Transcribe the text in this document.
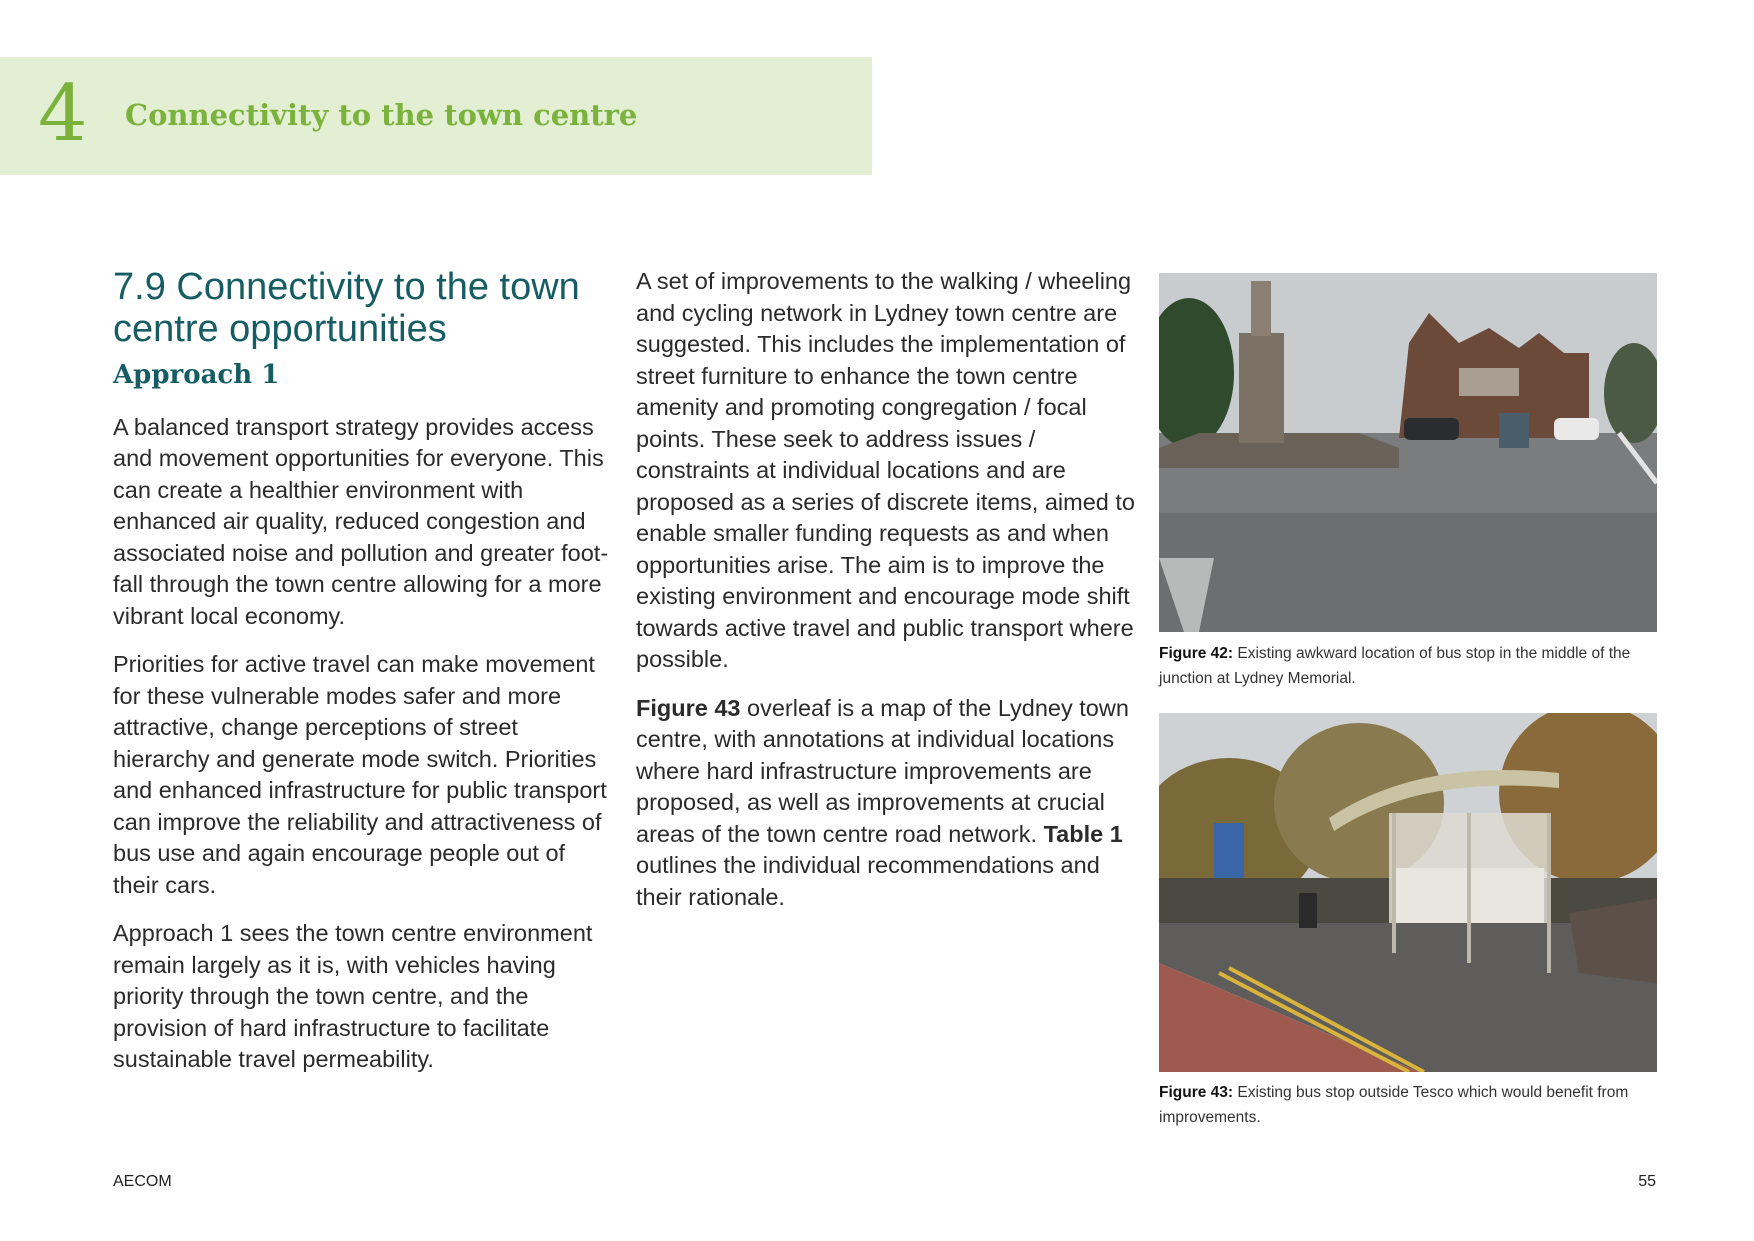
4 Connectivity to the town centre
7.9 Connectivity to the town centre opportunities
Approach 1

A balanced transport strategy provides access and movement opportunities for everyone. This can create a healthier environment with enhanced air quality, reduced congestion and associated noise and pollution and greater foot-fall through the town centre allowing for a more vibrant local economy.

Priorities for active travel can make movement for these vulnerable modes safer and more attractive, change perceptions of street hierarchy and generate mode switch. Priorities and enhanced infrastructure for public transport can improve the reliability and attractiveness of bus use and again encourage people out of their cars.

Approach 1 sees the town centre environment remain largely as it is, with vehicles having priority through the town centre, and the provision of hard infrastructure to facilitate sustainable travel permeability.

A set of improvements to the walking / wheeling and cycling network in Lydney town centre are suggested. This includes the implementation of street furniture to enhance the town centre amenity and promoting congregation / focal points. These seek to address issues / constraints at individual locations and are proposed as a series of discrete items, aimed to enable smaller funding requests as and when opportunities arise. The aim is to improve the existing environment and encourage mode shift towards active travel and public transport where possible.

Figure 43 overleaf is a map of the Lydney town centre, with annotations at individual locations where hard infrastructure improvements are proposed, as well as improvements at crucial areas of the town centre road network. Table 1 outlines the individual recommendations and their rationale.

Figure 42: Existing awkward location of bus stop in the middle of the junction at Lydney Memorial.
Figure 43: Existing bus stop outside Tesco which would benefit from improvements.
AECOM	55
